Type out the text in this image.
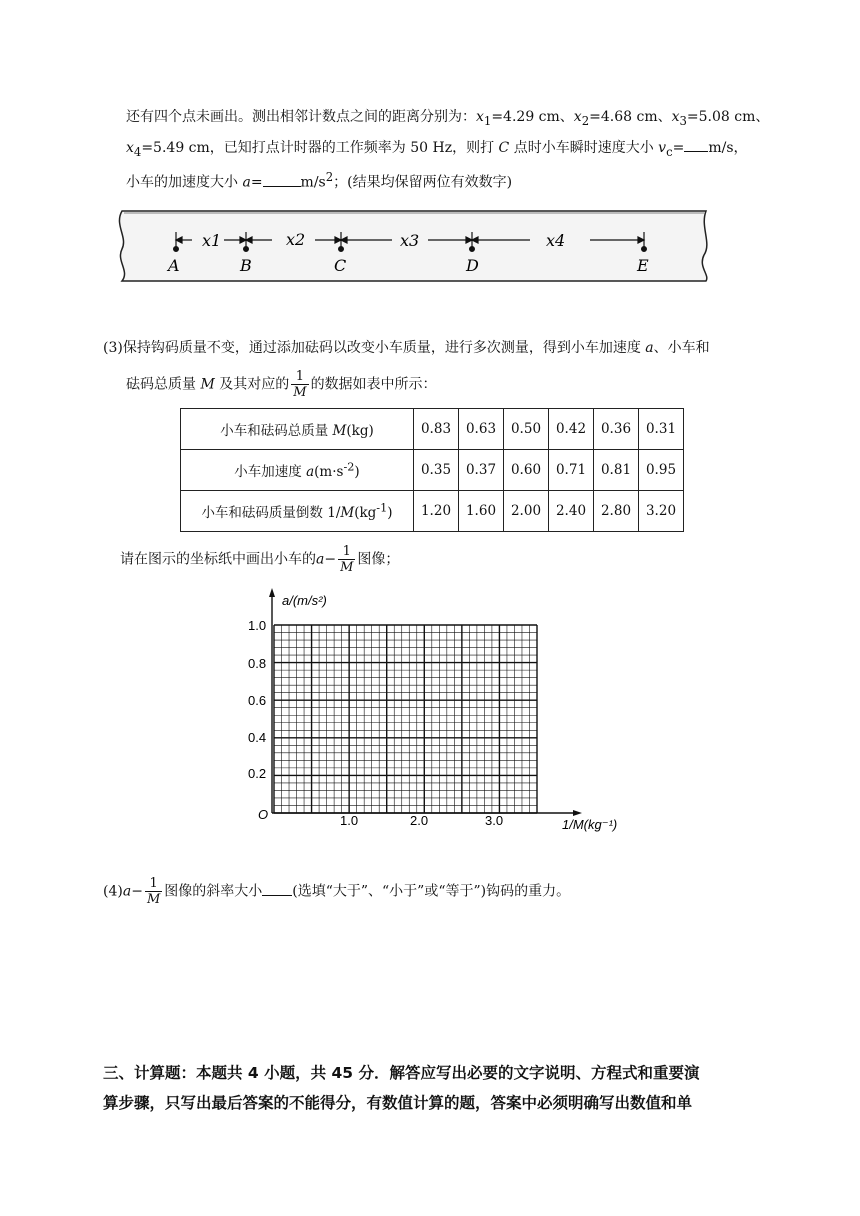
还有四个点未画出。测出相邻计数点之间的距离分别为：$x_1=4.29$ cm、$x_2=4.68$ cm、$x_3=5.08$ cm、
$x_4=5.49$ cm，已知打点计时器的工作频率为 50 Hz，则打 C 点时小车瞬时速度大小 $v_c= m/s$，
小车的加速度大小 a=	$m/s^2$；(结果均保留两位有效数字)
x1	x2	x3	x4
A	B	C	D	E
(3)保持钩码质量不变，通过添加砝码以改变小车质量，进行多次测量，得到小车加速度 a、小车和
砝码总质量 M 及其对应的 $\frac{1}{M}$ 的数据如表中所示：
小车和砝码总质量 M(kg)	0.83	0.63	0.50	0.42	0.36	0.31
小车加速度 $a(m\cdot s^{-2})$	0.35	0.37	0.60	0.71	0.81	0.95
小车和砝码质量倒数 $1/M(kg^{-1})$	1.20	1.60	2.00	2.40	2.80	3.20
请在图示的坐标纸中画出小车的$a- \frac{1}{M}$ 图像；
a/(m/s²)
1.0
0.8
0.6
0.4
0.2
O	1.0	2.0	3.0	1/M(kg⁻¹)
$(4)a- \frac{1}{M}$ 图像的斜率大小 (选填“大于”、“小于”或“等于”)钩码的重力。
三、计算题：本题共 4 小题，共 45 分．解答应写出必要的文字说明、方程式和重要演
算步骤，只写出最后答案的不能得分，有数值计算的题，答案中必须明确写出数值和单
